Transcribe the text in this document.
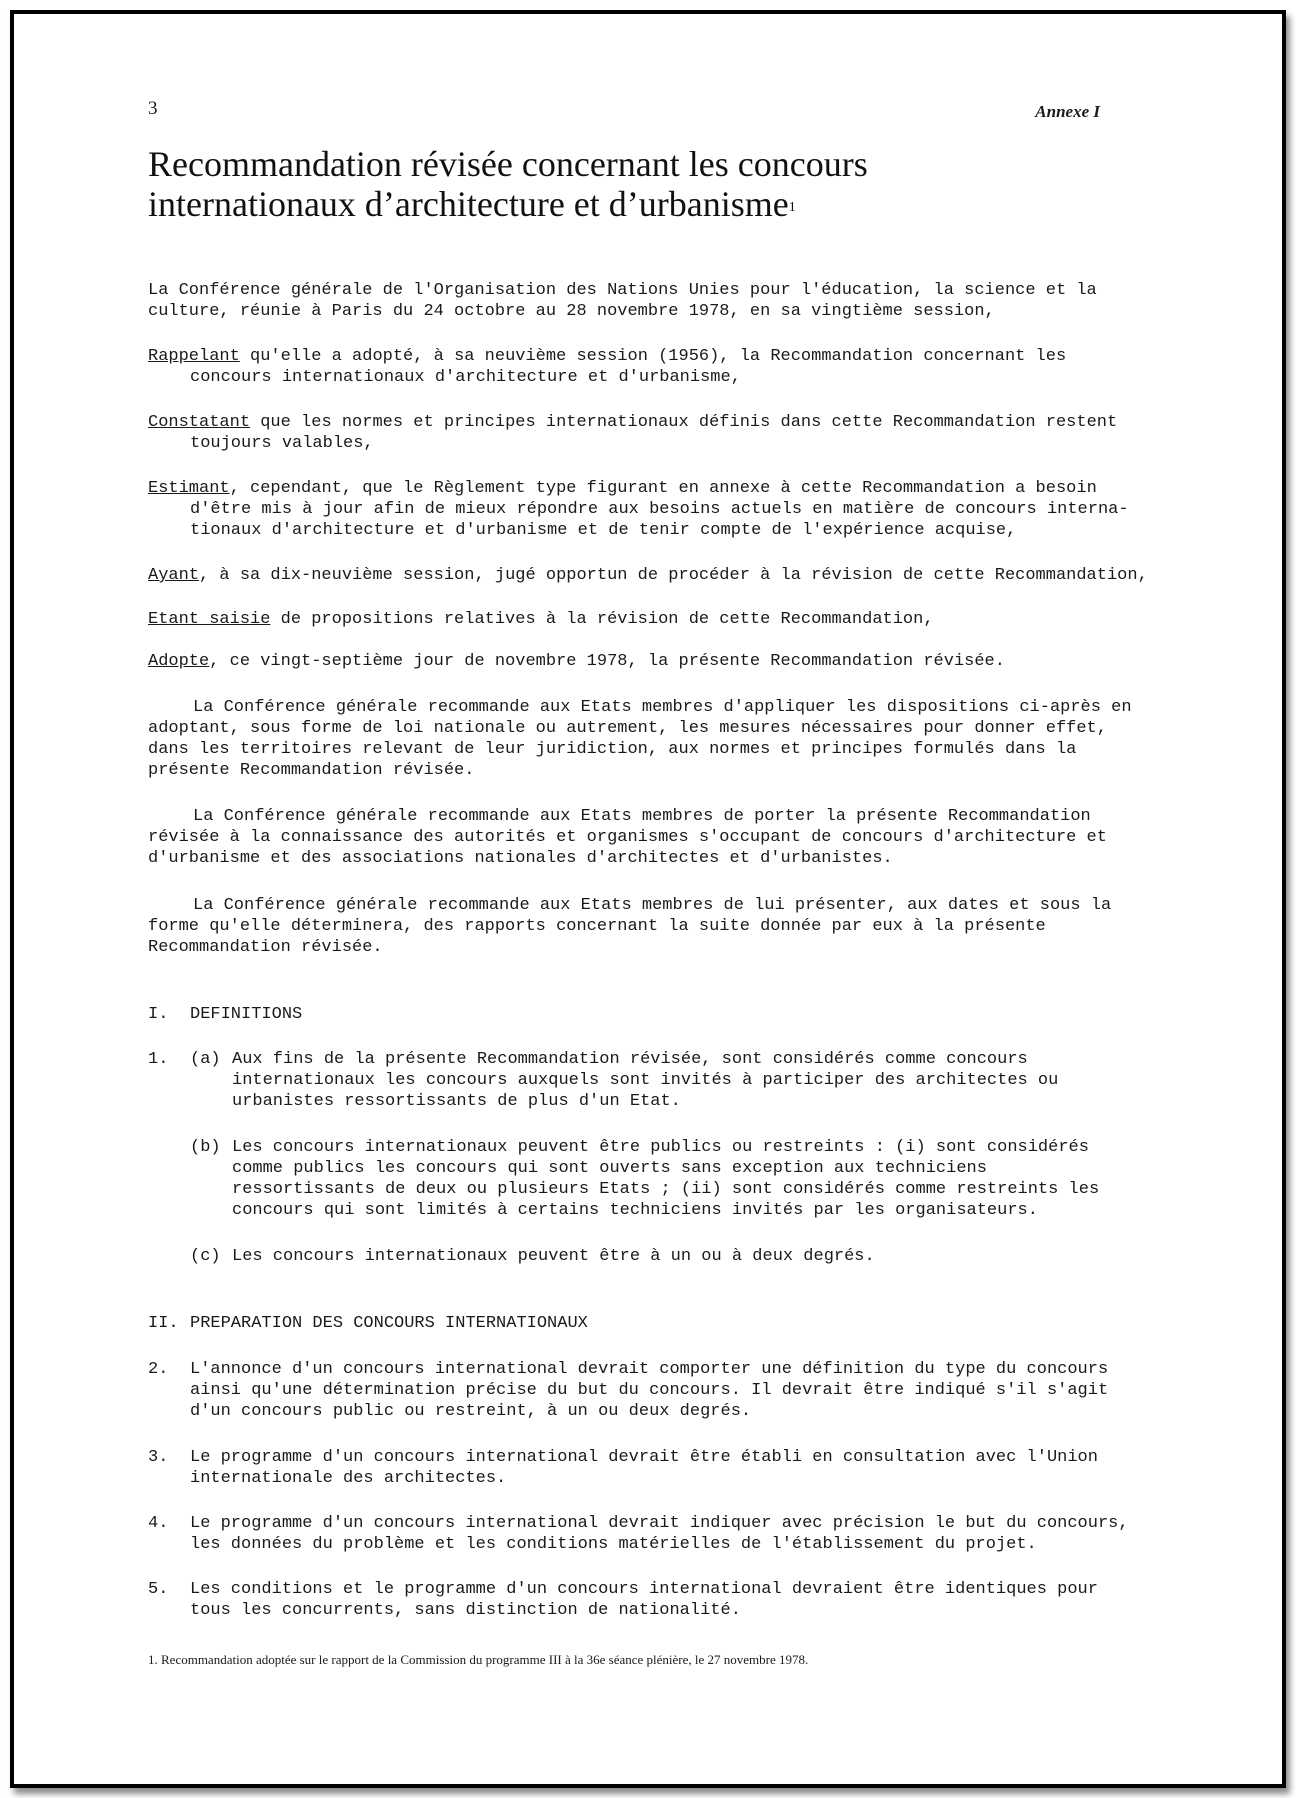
3	Annexe I
Recommandation révisée concernant les concours
internationaux d’architecture et d’urbanisme$^1$

La Conférence générale de l'Organisation des Nations Unies pour l'éducation, la science et la culture, réunie à Paris du 24 octobre au 28 novembre 1978, en sa vingtième session,

Rappelant qu'elle a adopté, à sa neuvième session (1956), la Recommandation concernant les
concours internationaux d'architecture et d'urbanisme,

Constatant que les normes et principes internationaux définis dans cette Recommandation restent
toujours valables,

Estimant, cependant, que le Règlement type figurant en annexe à cette Recommandation a besoin
d'être mis à jour afin de mieux répondre aux besoins actuels en matière de concours interna-
tionaux d'architecture et d'urbanisme et de tenir compte de l'expérience acquise,

Ayant, à sa dix-neuvième session, jugé opportun de procéder à la révision de cette Recommandation,

Etant saisie de propositions relatives à la révision de cette Recommandation,

Adopte, ce vingt-septième jour de novembre 1978, la présente Recommandation révisée.

La Conférence générale recommande aux Etats membres d'appliquer les dispositions ci-après en adoptant, sous forme de loi nationale ou autrement, les mesures nécessaires pour donner effet, dans les territoires relevant de leur juridiction, aux normes et principes formulés dans la présente Recommandation révisée.

La Conférence générale recommande aux Etats membres de porter la présente Recommandation révisée à la connaissance des autorités et organismes s'occupant de concours d'architecture et d'urbanisme et des associations nationales d'architectes et d'urbanistes.

La Conférence générale recommande aux Etats membres de lui présenter, aux dates et sous la forme qu'elle déterminera, des rapports concernant la suite donnée par eux à la présente Recommandation révisée.

I. DEFINITIONS
1. (a) Aux fins de la présente Recommandation révisée, sont considérés comme concours internationaux les concours auxquels sont invités à participer des architectes ou urbanistes ressortissants de plus d'un Etat.
(b) Les concours internationaux peuvent être publics ou restreints : (i) sont considérés comme publics les concours qui sont ouverts sans exception aux techniciens ressortissants de deux ou plusieurs Etats ; (ii) sont considérés comme restreints les concours qui sont limités à certains techniciens invités par les organisateurs.
(c) Les concours internationaux peuvent être à un ou à deux degrés.
II. PREPARATION DES CONCOURS INTERNATIONAUX
2. L'annonce d'un concours international devrait comporter une définition du type du concours ainsi qu'une détermination précise du but du concours. Il devrait être indiqué s'il s'agit d'un concours public ou restreint, à un ou deux degrés.
3. Le programme d'un concours international devrait être établi en consultation avec l'Union internationale des architectes.
4. Le programme d'un concours international devrait indiquer avec précision le but du concours, les données du problème et les conditions matérielles de l'établissement du projet.
5. Les conditions et le programme d'un concours international devraient être identiques pour tous les concurrents, sans distinction de nationalité.
1. Recommandation adoptée sur le rapport de la Commission du programme III à la 36e séance plénière, le 27 novembre 1978.
